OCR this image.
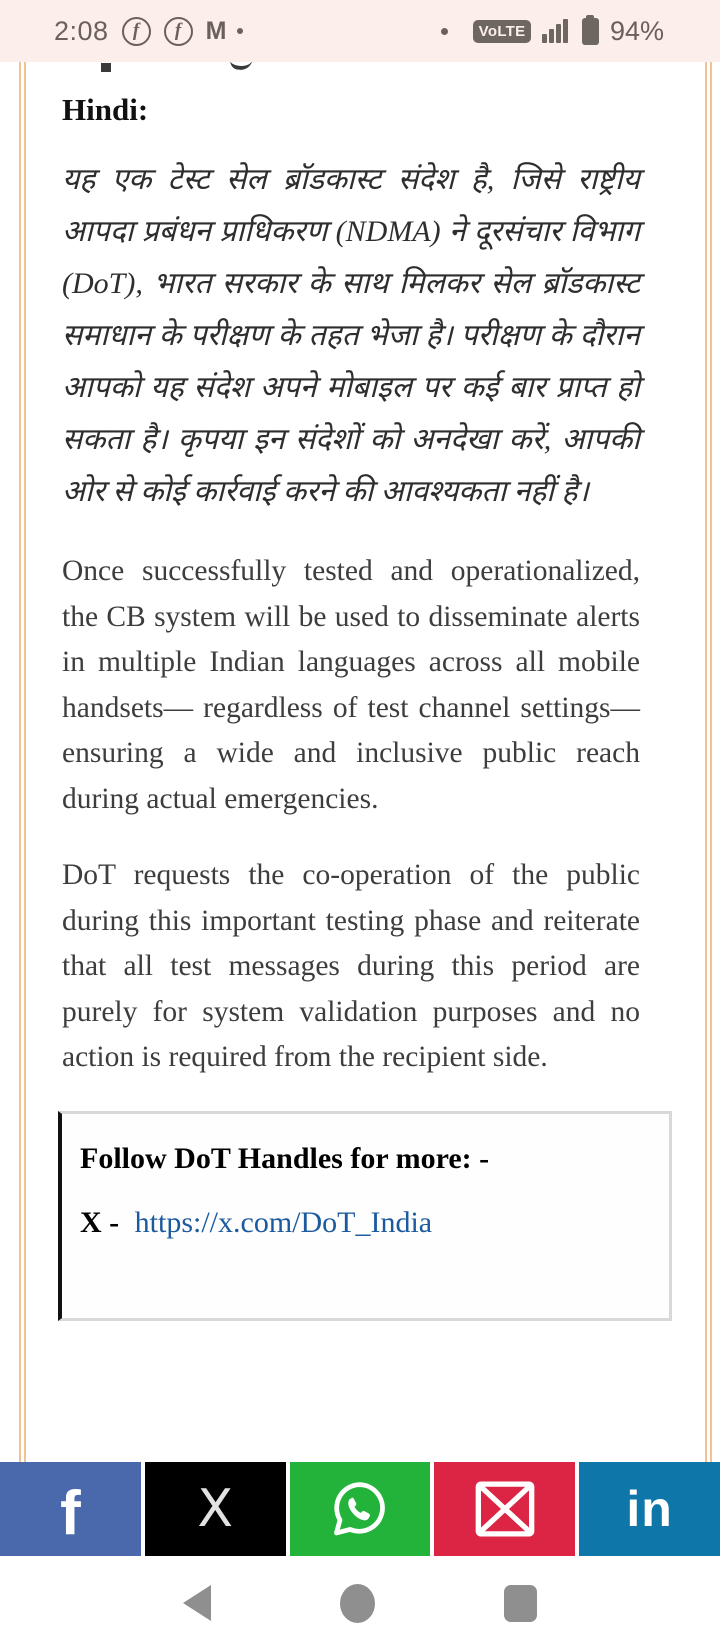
2:08	f	f M	VoLTE	94%
Hindi:

यह एक टेस्ट सेल ब्रॉडकास्ट संदेश है, जिसे राष्ट्रीय आपदा प्रबंधन प्राधिकरण (NDMA) ने दूरसंचार विभाग (DoT), भारत सरकार के साथ मिलकर सेल ब्रॉडकास्ट समाधान के परीक्षण के तहत भेजा है। परीक्षण के दौरान आपको यह संदेश अपने मोबाइल पर कई बार प्राप्त हो सकता है। कृपया इन संदेशों को अनदेखा करें, आपकी ओर से कोई कार्रवाई करने की आवश्यकता नहीं है।

Once successfully tested and operationalized, the CB system will be used to disseminate alerts in multiple Indian languages across all mobile handsets— regardless of test channel settings—ensuring a wide and inclusive public reach during actual emergencies.

DoT requests the co-operation of the public during this important testing phase and reiterate that all test messages during this period are purely for system validation purposes and no action is required from the recipient side.

Follow DoT Handles for more: -
X - https://x.com/DoT_India
f X	in
